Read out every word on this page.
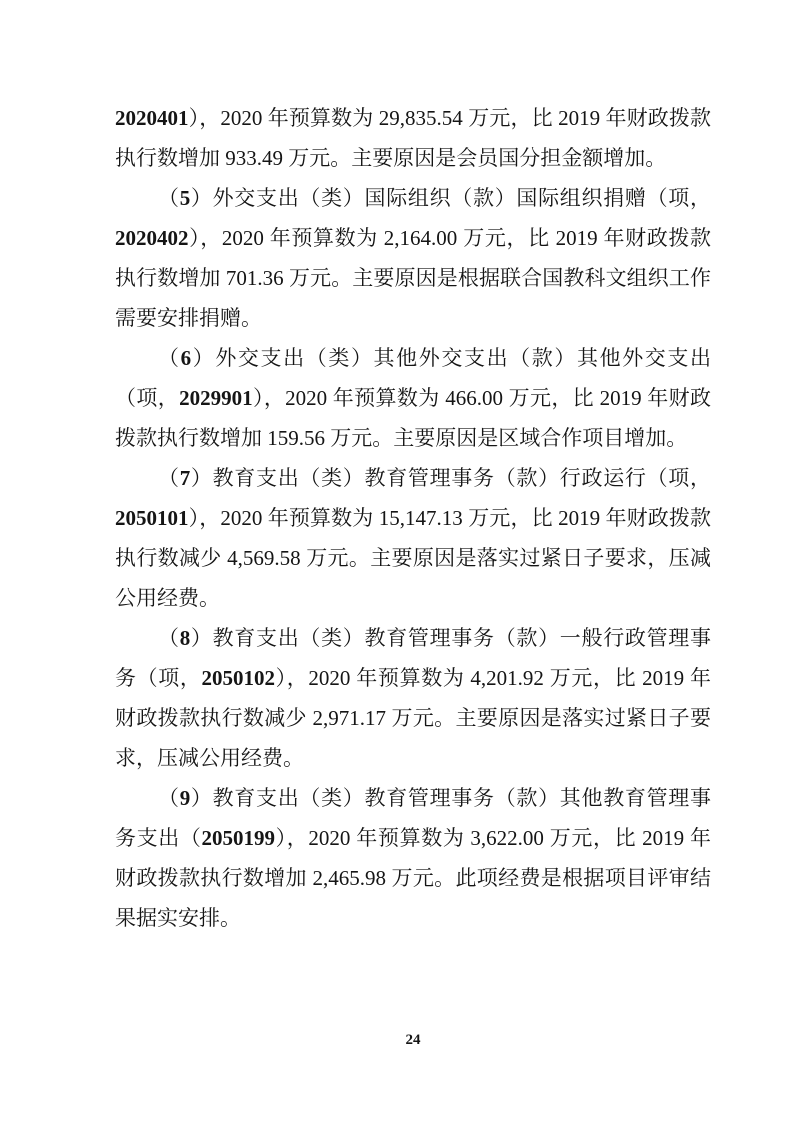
2020401），2020 年预算数为 29,835.54 万元，比 2019 年财政拨款执行数增加 933.49 万元。主要原因是会员国分担金额增加。

（5）外交支出（类）国际组织（款）国际组织捐赠（项，2020402），2020 年预算数为 2,164.00 万元，比 2019 年财政拨款执行数增加 701.36 万元。主要原因是根据联合国教科文组织工作需要安排捐赠。

（6）外交支出（类）其他外交支出（款）其他外交支出（项，2029901），2020 年预算数为 466.00 万元，比 2019 年财政拨款执行数增加 159.56 万元。主要原因是区域合作项目增加。

（7）教育支出（类）教育管理事务（款）行政运行（项，2050101），2020 年预算数为 15,147.13 万元，比 2019 年财政拨款执行数减少 4,569.58 万元。主要原因是落实过紧日子要求，压减公用经费。

（8）教育支出（类）教育管理事务（款）一般行政管理事务（项，2050102），2020 年预算数为 4,201.92 万元，比 2019 年财政拨款执行数减少 2,971.17 万元。主要原因是落实过紧日子要求，压减公用经费。

（9）教育支出（类）教育管理事务（款）其他教育管理事务支出（2050199），2020 年预算数为 3,622.00 万元，比 2019 年财政拨款执行数增加 2,465.98 万元。此项经费是根据项目评审结果据实安排。

24
